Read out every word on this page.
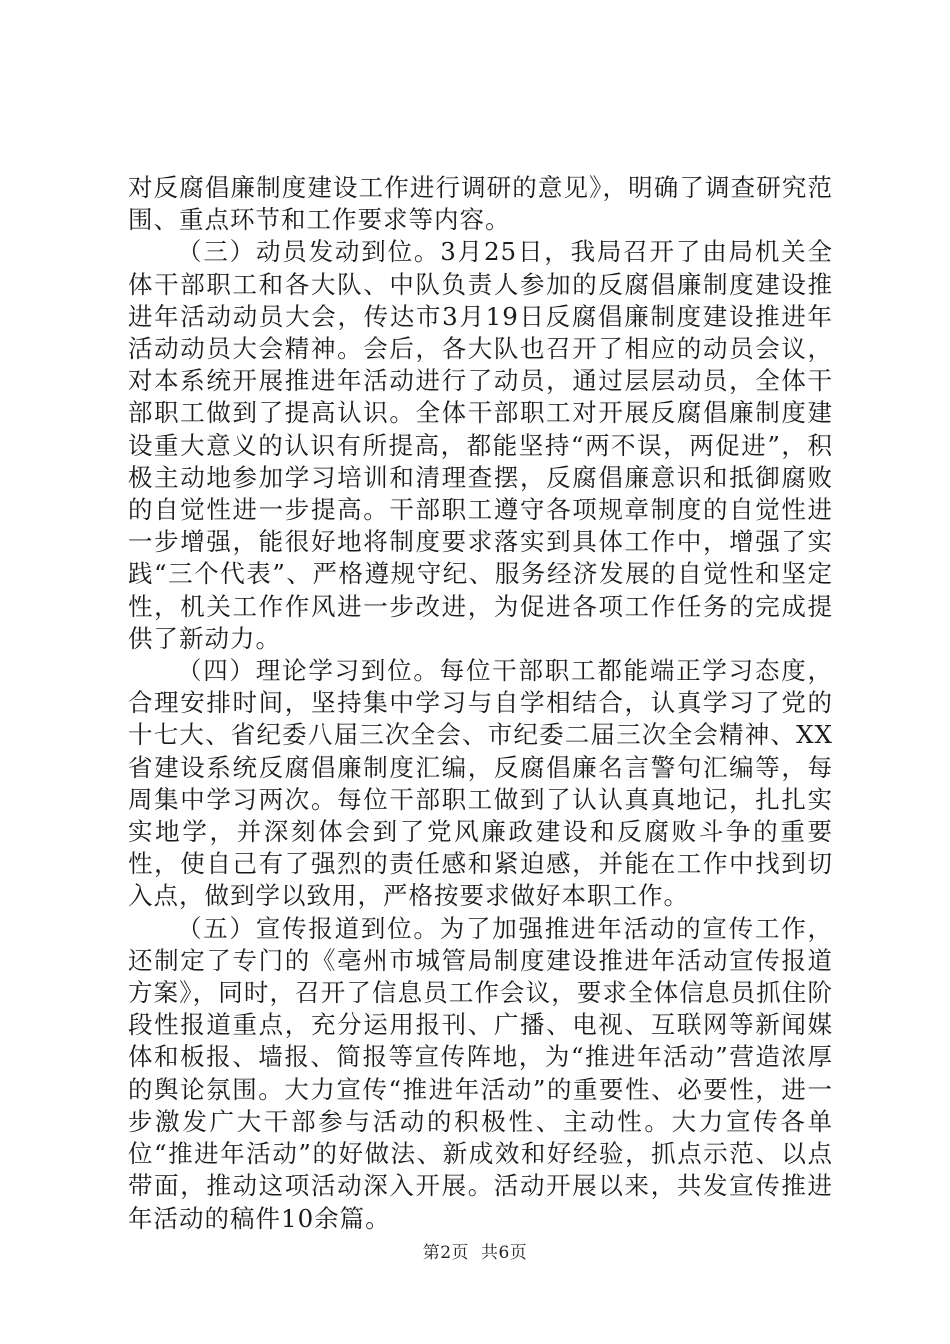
对反腐倡廉制度建设工作进行调研的意见》，明确了调查研究范围、重点环节和工作要求等内容。

（三）动员发动到位。3月25日，我局召开了由局机关全体干部职工和各大队、中队负责人参加的反腐倡廉制度建设推进年活动动员大会，传达市3月19日反腐倡廉制度建设推进年活动动员大会精神。会后，各大队也召开了相应的动员会议，对本系统开展推进年活动进行了动员，通过层层动员，全体干部职工做到了提高认识。全体干部职工对开展反腐倡廉制度建设重大意义的认识有所提高，都能坚持“两不误，两促进”，积极主动地参加学习培训和清理查摆，反腐倡廉意识和抵御腐败的自觉性进一步提高。干部职工遵守各项规章制度的自觉性进一步增强，能很好地将制度要求落实到具体工作中，增强了实践“三个代表”、严格遵规守纪、服务经济发展的自觉性和坚定性，机关工作作风进一步改进，为促进各项工作任务的完成提供了新动力。

（四）理论学习到位。每位干部职工都能端正学习态度，合理安排时间，坚持集中学习与自学相结合，认真学习了党的十七大、省纪委八届三次全会、市纪委二届三次全会精神、XX省建设系统反腐倡廉制度汇编，反腐倡廉名言警句汇编等，每周集中学习两次。每位干部职工做到了认认真真地记，扎扎实实地学，并深刻体会到了党风廉政建设和反腐败斗争的重要性，使自己有了强烈的责任感和紧迫感，并能在工作中找到切入点，做到学以致用，严格按要求做好本职工作。

（五）宣传报道到位。为了加强推进年活动的宣传工作，还制定了专门的《亳州市城管局制度建设推进年活动宣传报道方案》，同时，召开了信息员工作会议，要求全体信息员抓住阶段性报道重点，充分运用报刊、广播、电视、互联网等新闻媒体和板报、墙报、简报等宣传阵地，为“推进年活动”营造浓厚的舆论氛围。大力宣传“推进年活动”的重要性、必要性，进一步激发广大干部参与活动的积极性、主动性。大力宣传各单位“推进年活动”的好做法、新成效和好经验，抓点示范、以点带面，推动这项活动深入开展。活动开展以来，共发宣传推进年活动的稿件10余篇。

第2页 共6页
